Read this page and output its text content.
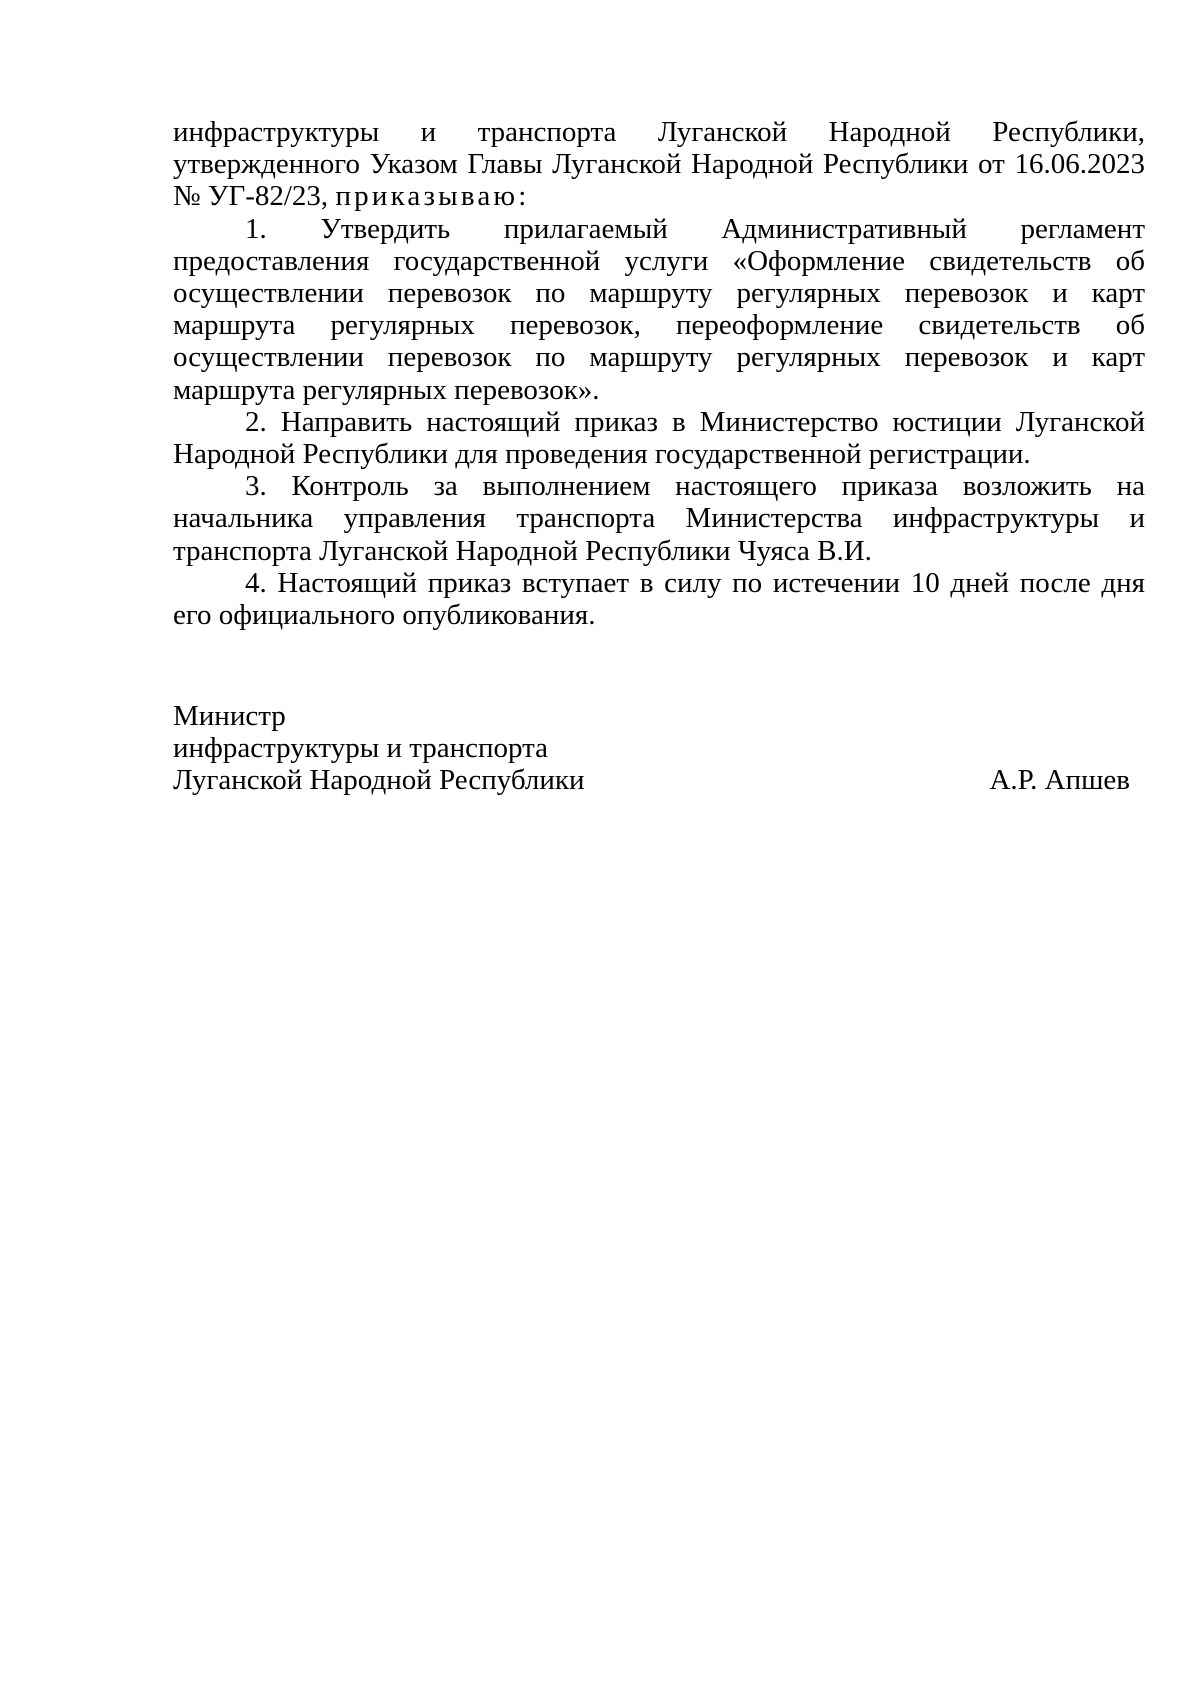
инфраструктуры и транспорта Луганской Народной Республики, утвержденного Указом Главы Луганской Народной Республики от 16.06.2023 № УГ-82/23, приказываю:

1. Утвердить прилагаемый Административный регламент предоставления государственной услуги «Оформление свидетельств об осуществлении перевозок по маршруту регулярных перевозок и карт маршрута регулярных перевозок, переоформление свидетельств об осуществлении перевозок по маршруту регулярных перевозок и карт маршрута регулярных перевозок».

2. Направить настоящий приказ в Министерство юстиции Луганской Народной Республики для проведения государственной регистрации.

3. Контроль за выполнением настоящего приказа возложить на начальника управления транспорта Министерства инфраструктуры и транспорта Луганской Народной Республики Чуяса В.И.

4. Настоящий приказ вступает в силу по истечении 10 дней после дня его официального опубликования.

Министр

инфраструктуры и транспорта

Луганской Народной Республики	А.Р. Апшев
